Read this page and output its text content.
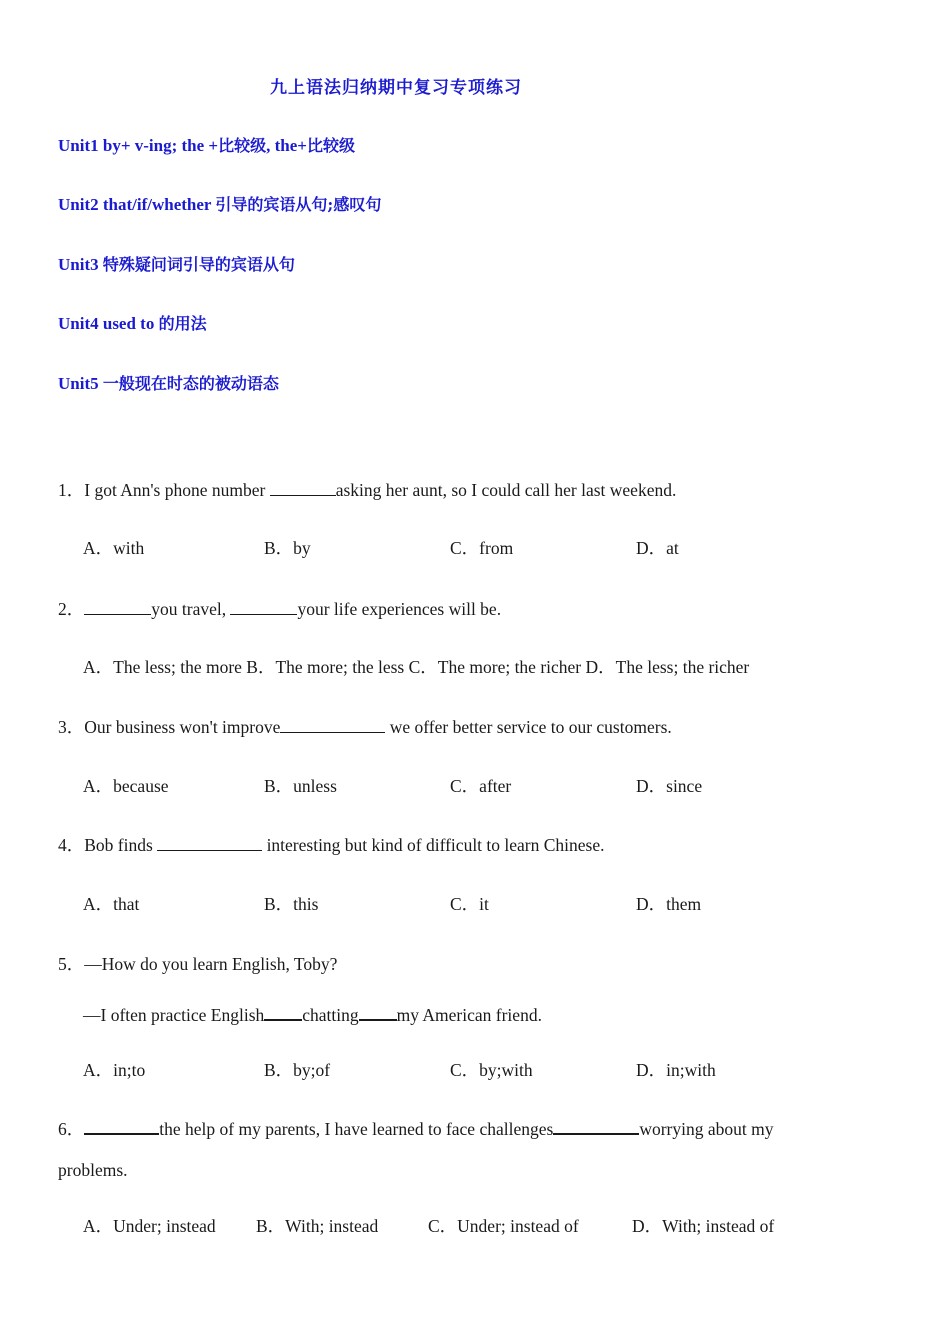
九上语法归纳期中复习专项练习
Unit1 by+ v-ing; the +比较级, the+比较级
Unit2 that/if/whether 引导的宾语从句;感叹句
Unit3 特殊疑问词引导的宾语从句
Unit4 used to 的用法
Unit5 一般现在时态的被动语态
1．I got Ann's phone number	asking her aunt, so I could call her last weekend.
A．with	B．by	C．from	D．at
2．	you travel,	your life experiences will be.
A．The less; the more B．The more; the less C．The more; the richer D．The less; the richer
3．Our business won't improve	we offer better service to our customers.
A．because	B．unless	C．after	D．since
4．Bob finds	interesting but kind of difficult to learn Chinese.
A．that	B．this	C．it	D．them
5．—How do you learn English, Toby?
—I often practice English chatting my American friend.
A．in;to	B．by;of	C．by;with	D．in;with
6．	the help of my parents, I have learned to face challenges	worrying about my
problems.
A．Under; instead B．With; instead	C．Under; instead of	D．With; instead of
